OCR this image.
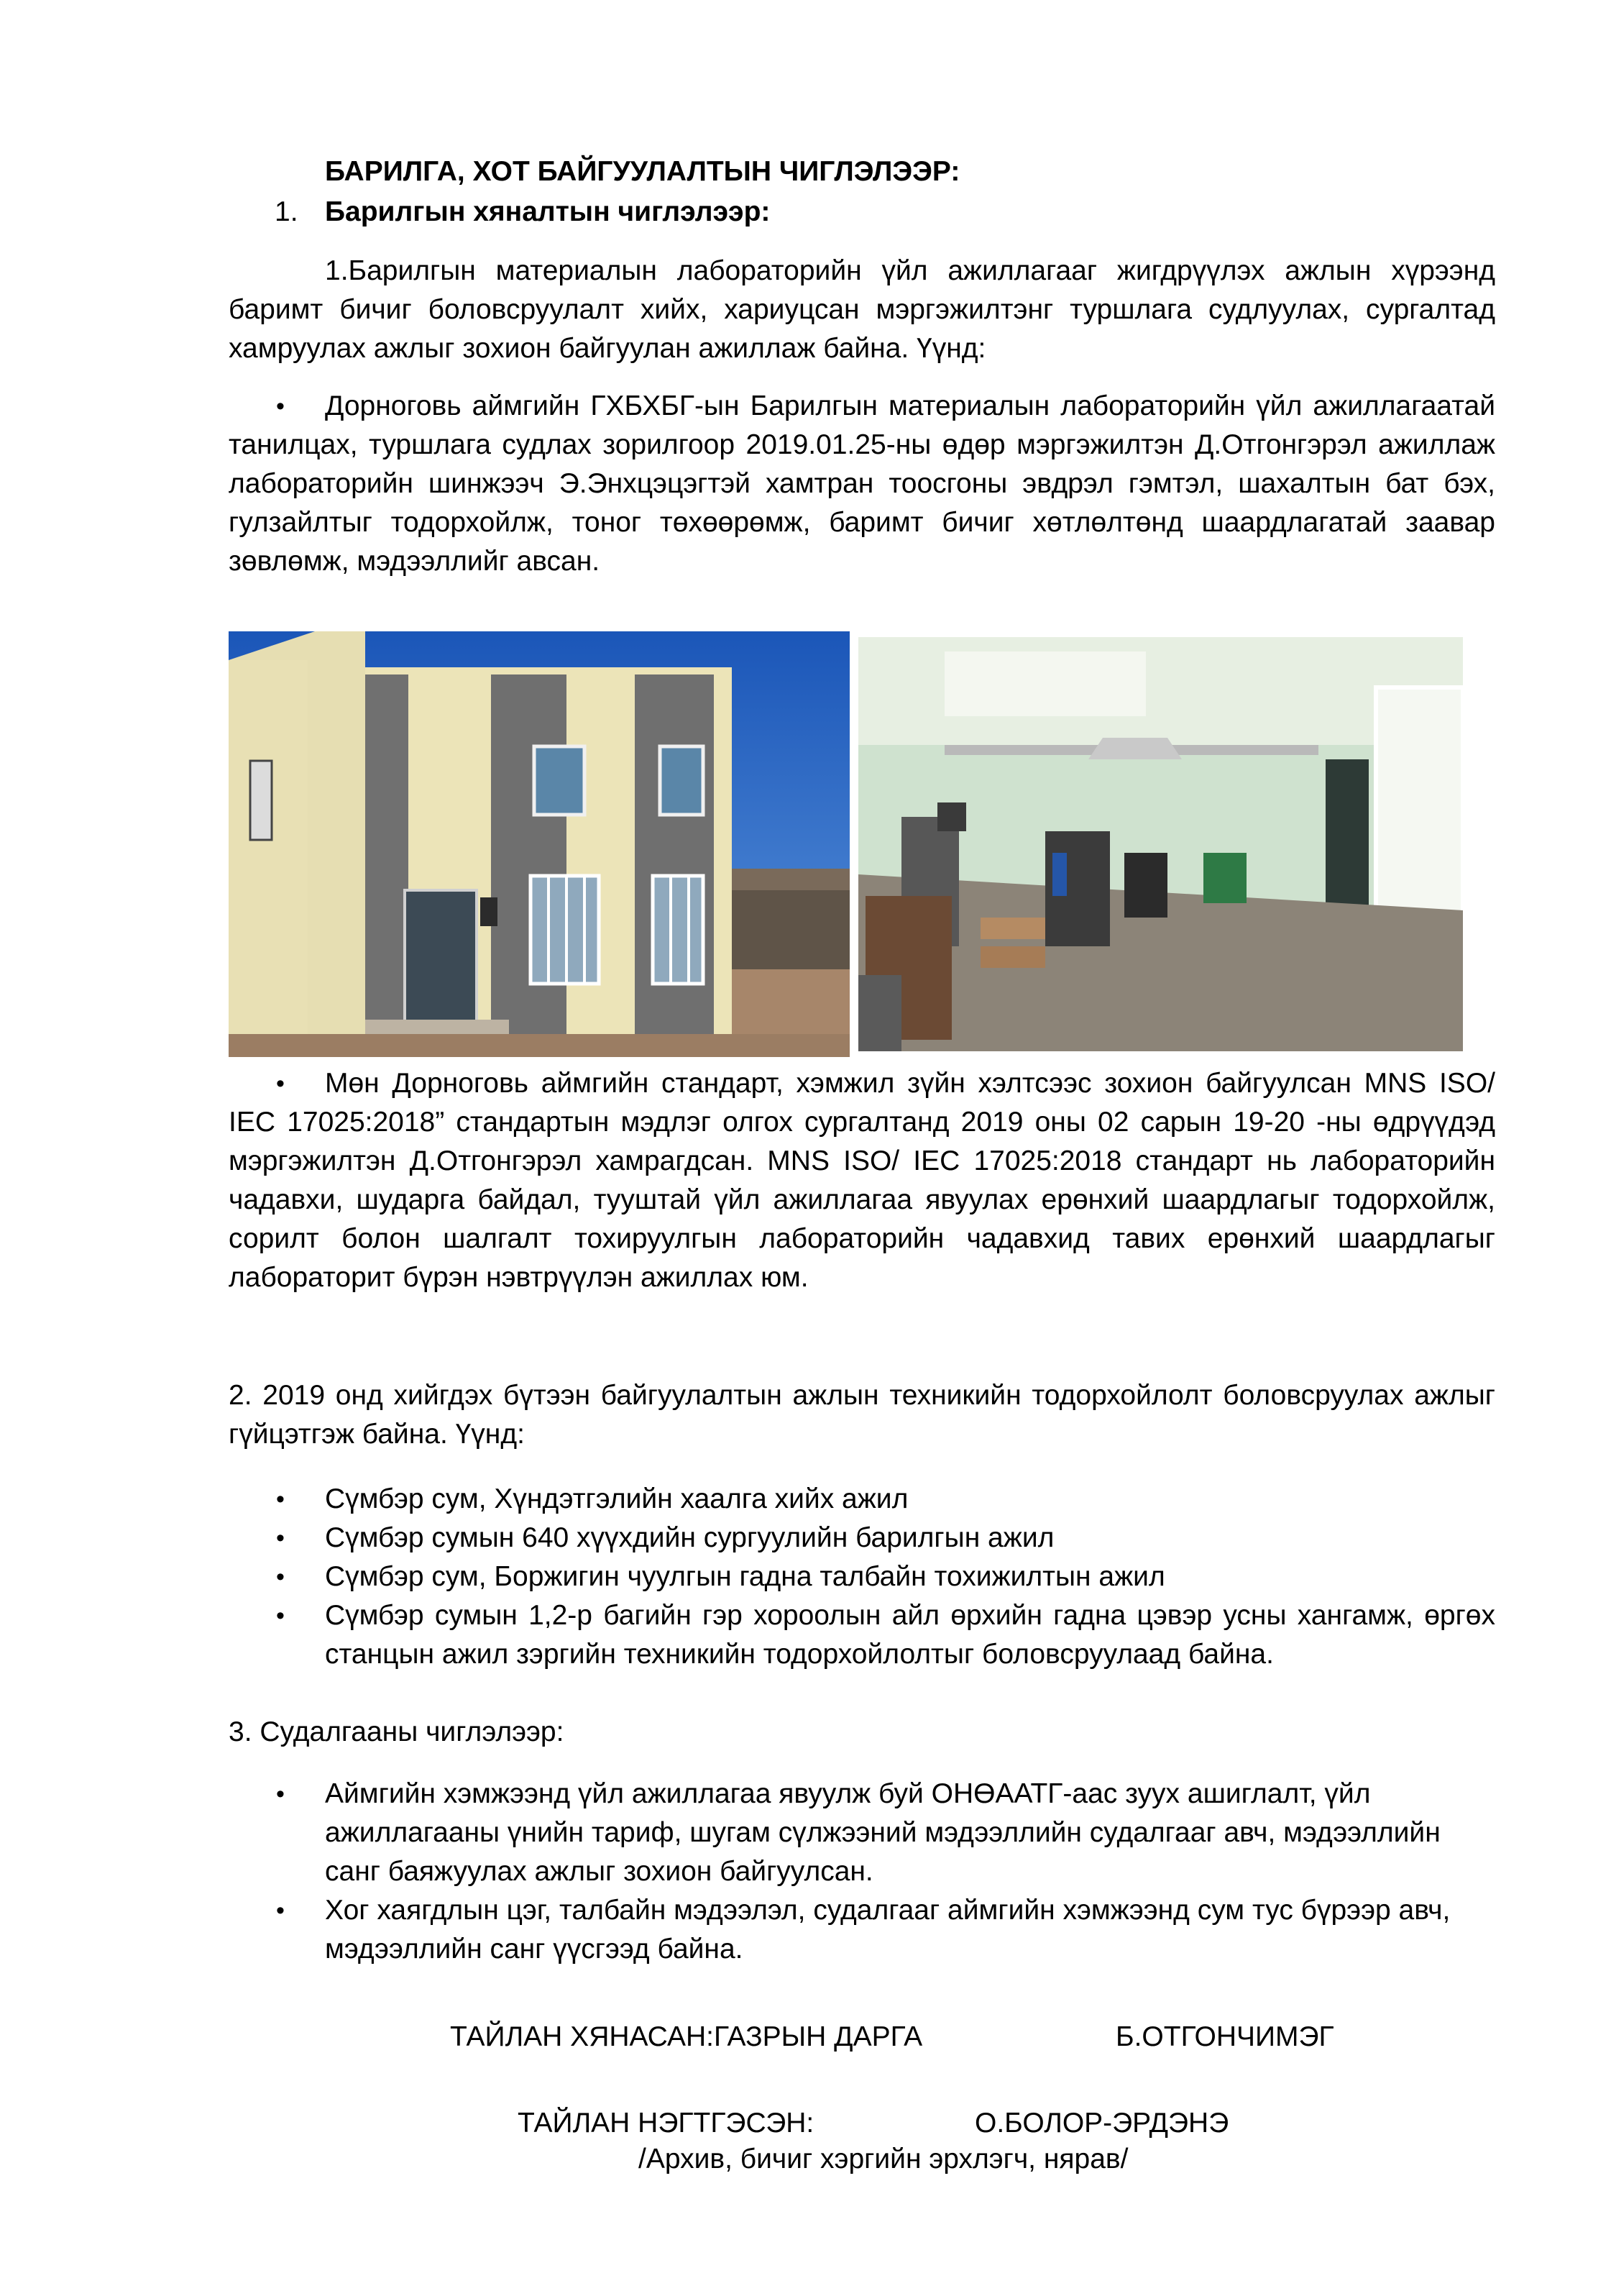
БАРИЛГА, ХОТ БАЙГУУЛАЛТЫН ЧИГЛЭЛЭЭР:

1. Барилгын хяналтын чиглэлээр:

1.Барилгын материалын лабораторийн үйл ажиллагааг жигдрүүлэх ажлын хүрээнд баримт бичиг боловсруулалт хийх, хариуцсан мэргэжилтэнг туршлага судлуулах, сургалтад хамруулах ажлыг зохион байгуулан ажиллаж байна. Үүнд:

•	Дорноговь аймгийн ГХБХБГ-ын Барилгын материалын лабораторийн үйл ажиллагаатай танилцах, туршлага судлах зорилгоор 2019.01.25-ны өдөр мэргэжилтэн Д.Отгонгэрэл ажиллаж лабораторийн шинжээч Э.Энхцэцэгтэй хамтран тоосгоны эвдрэл гэмтэл, шахалтын бат бэх, гулзайлтыг тодорхойлж, тоног төхөөрөмж, баримт бичиг хөтлөлтөнд шаардлагатай заавар зөвлөмж, мэдээллийг авсан.

•	Мөн Дорноговь аймгийн стандарт, хэмжил зүйн хэлтсээс зохион байгуулсан MNS ISO/ IEC 17025:2018” стандартын мэдлэг олгох сургалтанд 2019 оны 02 сарын 19-20 -ны өдрүүдэд мэргэжилтэн Д.Отгонгэрэл хамрагдсан. MNS ISO/ IEC 17025:2018 стандарт нь лабораторийн чадавхи, шударга байдал, тууштай үйл ажиллагаа явуулах ерөнхий шаардлагыг тодорхойлж, сорилт болон шалгалт тохируулгын лабораторийн чадавхид тавих ерөнхий шаардлагыг лабораторит бүрэн нэвтрүүлэн ажиллах юм.

2. 2019 онд хийгдэх бүтээн байгуулалтын ажлын техникийн тодорхойлолт боловсруулах ажлыг гүйцэтгэж байна. Үүнд:

• Сүмбэр сум, Хүндэтгэлийн хаалга хийх ажил

• Сүмбэр сумын 640 хүүхдийн сургуулийн барилгын ажил

• Сүмбэр сум, Боржигин чуулгын гадна талбайн тохижилтын ажил

• Сүмбэр сумын 1,2-р багийн гэр хороолын айл өрхийн гадна цэвэр усны хангамж, өргөх станцын ажил зэргийн техникийн тодорхойлолтыг боловсруулаад байна.

3. Судалгааны чиглэлээр:

• Аймгийн хэмжээнд үйл ажиллагаа явуулж буй ОНӨААТГ-аас зуух ашиглалт, үйл ажиллагааны үнийн тариф, шугам сүлжээний мэдээллийн судалгааг авч, мэдээллийн санг баяжуулах ажлыг зохион байгуулсан.

• Хог хаягдлын цэг, талбайн мэдээлэл, судалгааг аймгийн хэмжээнд сум тус бүрээр авч, мэдээллийн санг үүсгээд байна.

ТАЙЛАН ХЯНАСАН:ГАЗРЫН ДАРГА	Б.ОТГОНЧИМЭГ
ТАЙЛАН НЭГТГЭСЭН:	О.БОЛОР-ЭРДЭНЭ
/Архив, бичиг хэргийн эрхлэгч, нярав/
